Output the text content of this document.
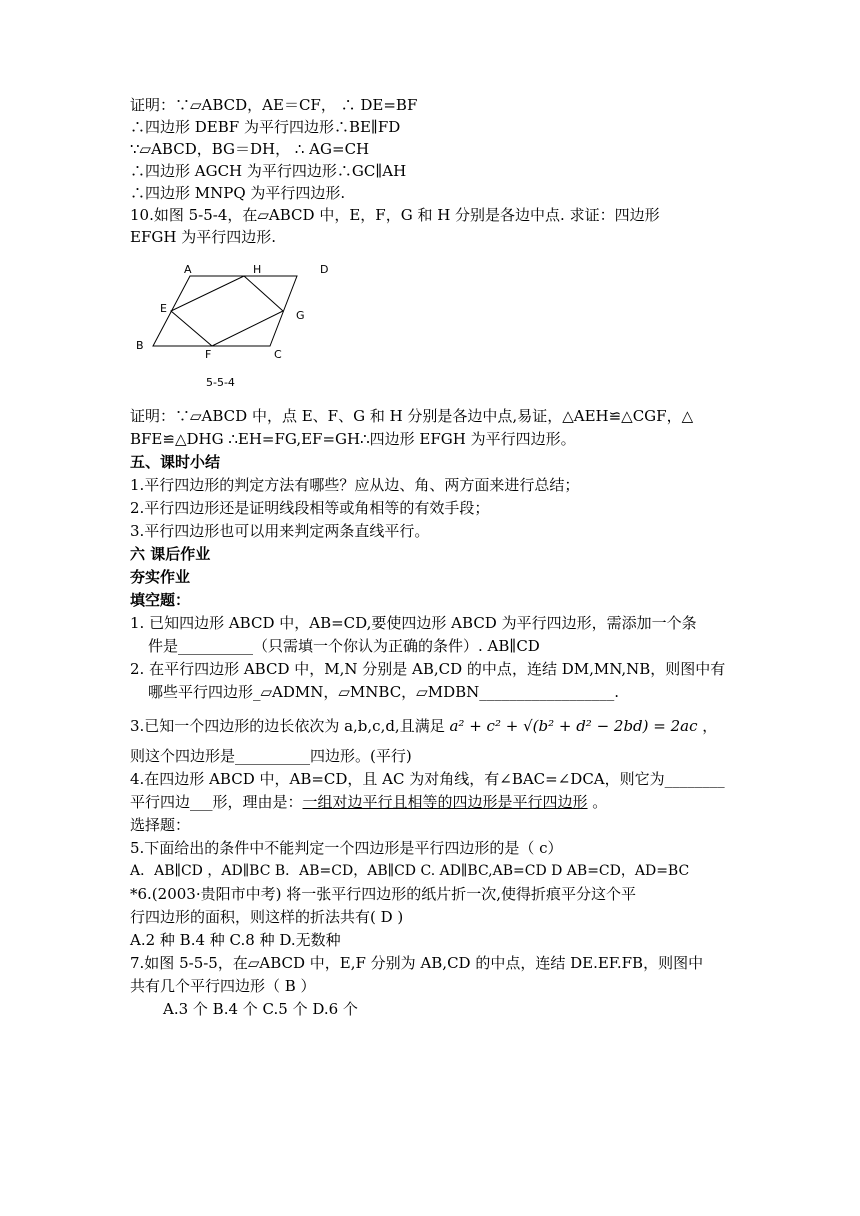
证明：∵▱ABCD，AE＝CF， ∴ DE=BF
∴四边形 DEBF 为平行四边形∴BE∥FD
∵▱ABCD，BG＝DH， ∴ AG=CH
∴四边形 AGCH 为平行四边形∴GC∥AH
∴四边形 MNPQ 为平行四边形.
10.如图 5-5-4，在▱ABCD 中，E，F，G 和 H 分别是各边中点. 求证：四边形
EFGH 为平行四边形.
A	H	D
E
G
B
F	C
5-5-4
证明：∵▱ABCD 中，点 E、F、G 和 H 分别是各边中点,易证，△AEH≌△CGF，△
BFE≌△DHG ∴EH=FG,EF=GH∴四边形 EFGH 为平行四边形。
五、课时小结
1.平行四边形的判定方法有哪些？应从边、角、两方面来进行总结；
2.平行四边形还是证明线段相等或角相等的有效手段；
3.平行四边形也可以用来判定两条直线平行。
六 课后作业
夯实作业
填空题：
1. 已知四边形 ABCD 中，AB=CD,要使四边形 ABCD 为平行四边形，需添加一个条
件是__________（只需填一个你认为正确的条件）. AB∥CD
2. 在平行四边形 ABCD 中，M,N 分别是 AB,CD 的中点，连结 DM,MN,NB，则图中有
哪些平行四边形_▱ADMN，▱MNBC，▱MDBN__________________.
3.已知一个四边形的边长依次为 a,b,c,d,且满足 a² + c² + √(b² + d² − 2bd) = 2ac ，
则这个四边形是__________四边形。(平行)
4.在四边形 ABCD 中，AB=CD，且 AC 为对角线，有∠BAC=∠DCA，则它为________
平行四边___形，理由是：一组对边平行且相等的四边形是平行四边形 。
选择题：
5.下面给出的条件中不能判定一个四边形是平行四边形的是（ c）
A．AB∥CD ，AD∥BC B．AB=CD，AB∥CD C. AD∥BC,AB=CD D AB=CD，AD=BC
*6.(2003·贵阳市中考) 将一张平行四边形的纸片折一次,使得折痕平分这个平
行四边形的面积，则这样的折法共有( D )
A.2 种 B.4 种 C.8 种 D.无数种
7.如图 5-5-5，在▱ABCD 中，E,F 分别为 AB,CD 的中点，连结 DE.EF.FB，则图中
共有几个平行四边形（ B ）
A.3 个 B.4 个 C.5 个 D.6 个
